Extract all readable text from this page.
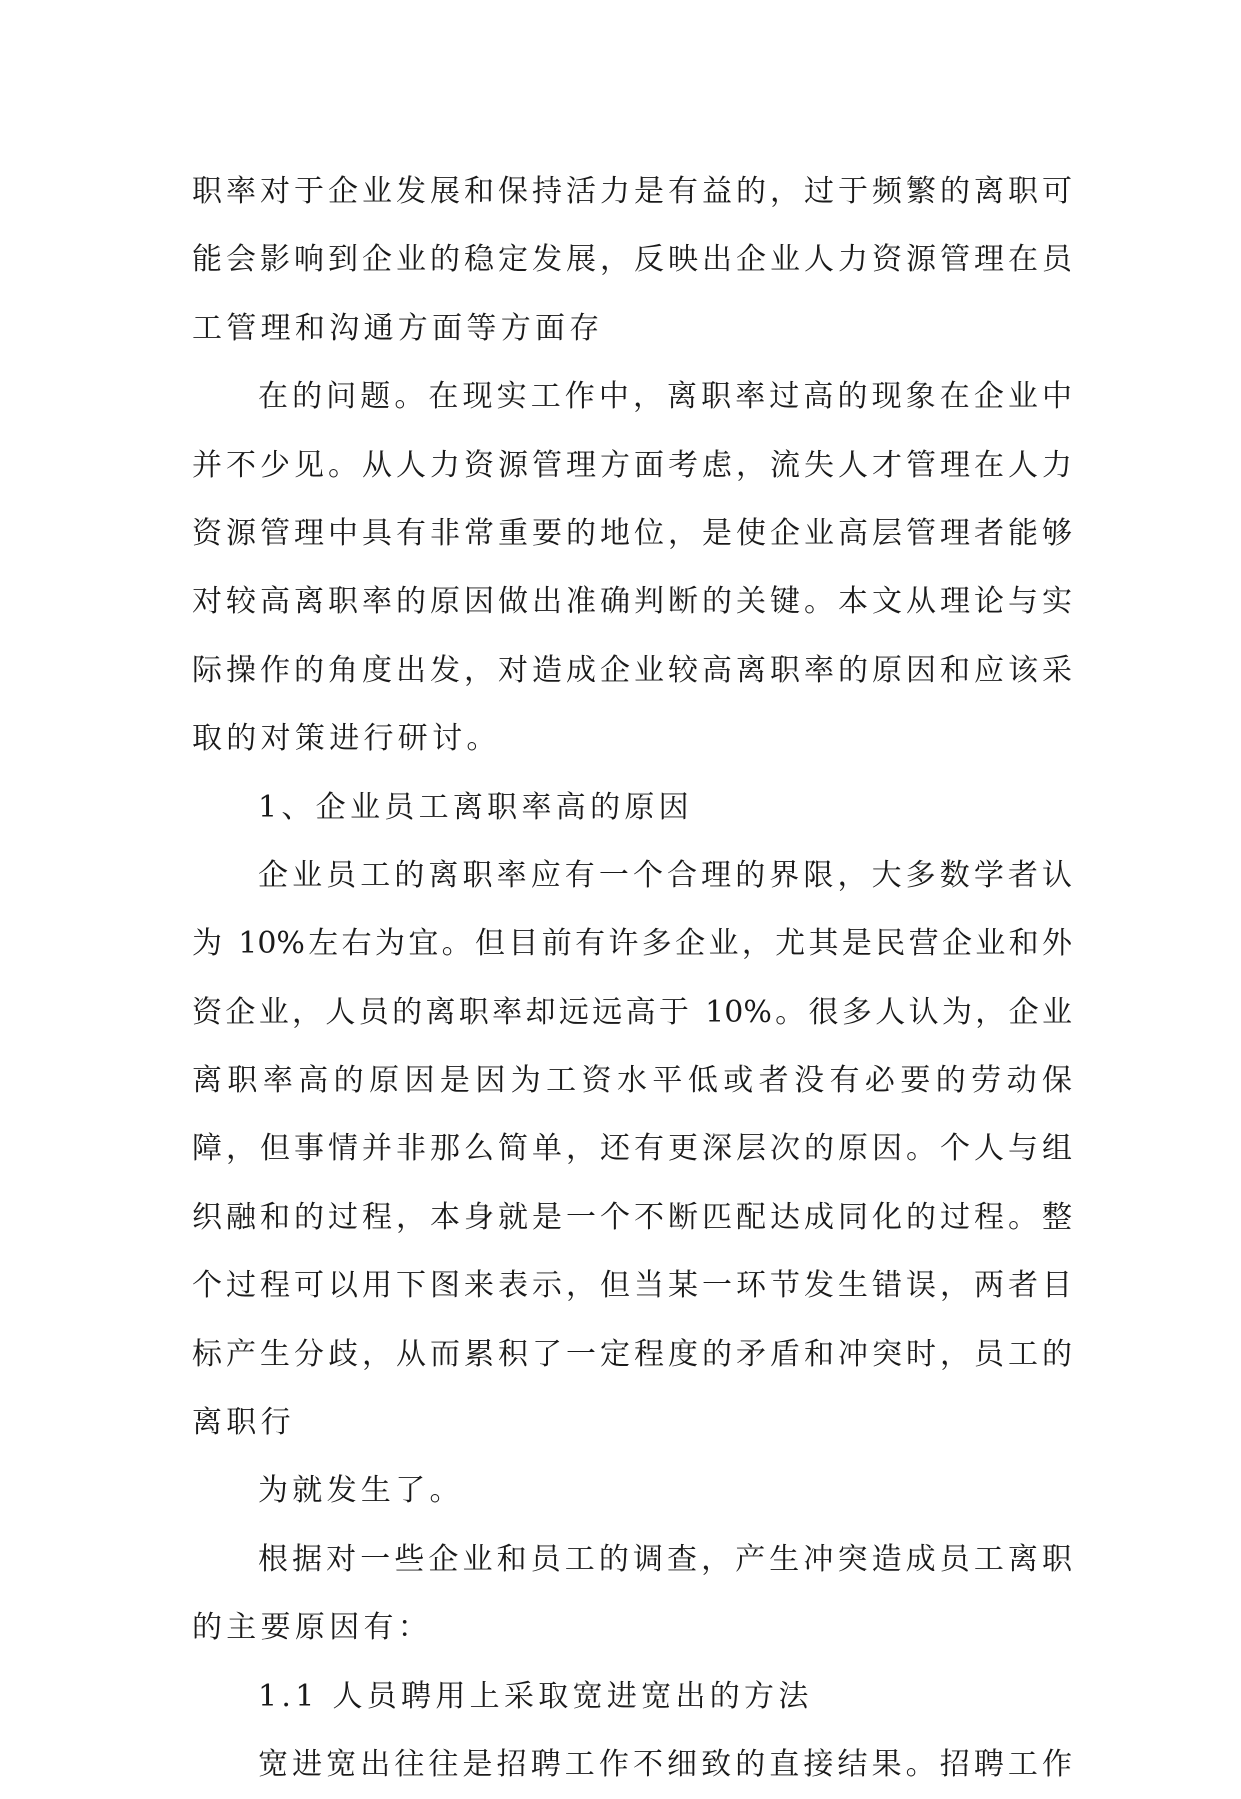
职率对于企业发展和保持活力是有益的，过于频繁的离职可
能会影响到企业的稳定发展，反映出企业人力资源管理在员
工管理和沟通方面等方面存
在的问题。在现实工作中，离职率过高的现象在企业中
并不少见。从人力资源管理方面考虑，流失人才管理在人力
资源管理中具有非常重要的地位，是使企业高层管理者能够
对较高离职率的原因做出准确判断的关键。本文从理论与实
际操作的角度出发，对造成企业较高离职率的原因和应该采
取的对策进行研讨。
1、企业员工离职率高的原因
企业员工的离职率应有一个合理的界限，大多数学者认
为 10%左右为宜。但目前有许多企业，尤其是民营企业和外
资企业，人员的离职率却远远高于 10%。很多人认为，企业
离职率高的原因是因为工资水平低或者没有必要的劳动保
障，但事情并非那么简单，还有更深层次的原因。个人与组
织融和的过程，本身就是一个不断匹配达成同化的过程。整
个过程可以用下图来表示，但当某一环节发生错误，两者目
标产生分歧，从而累积了一定程度的矛盾和冲突时，员工的
离职行
为就发生了。
根据对一些企业和员工的调查，产生冲突造成员工离职
的主要原因有：
1.1 人员聘用上采取宽进宽出的方法
宽进宽出往往是招聘工作不细致的直接结果。招聘工作
